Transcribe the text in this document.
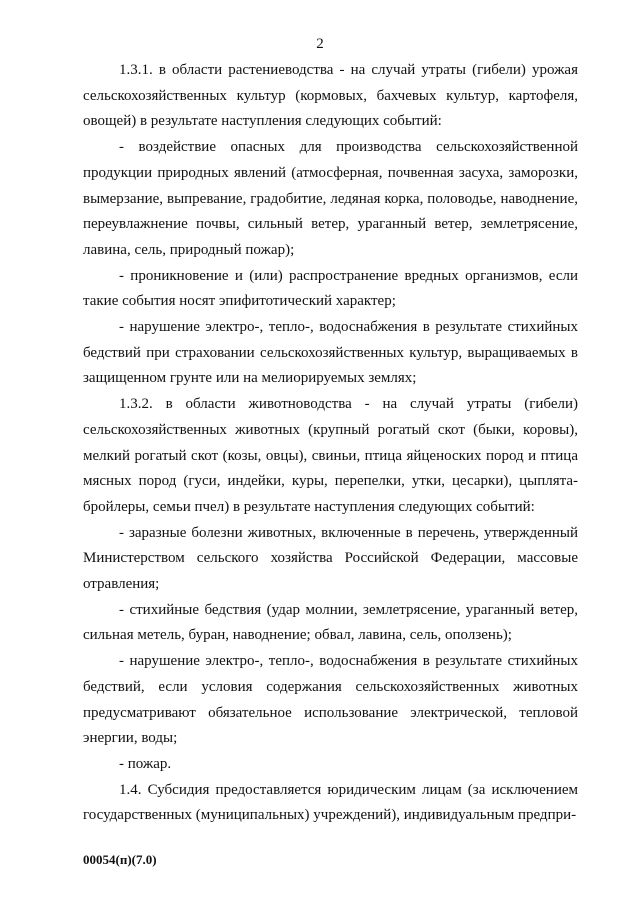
2

1.3.1. в области растениеводства - на случай утраты (гибели) урожая сельскохозяйственных культур (кормовых, бахчевых культур, картофеля, овощей) в результате наступления следующих событий:

- воздействие опасных для производства сельскохозяйственной продукции природных явлений (атмосферная, почвенная засуха, заморозки, вымерзание, выпревание, градобитие, ледяная корка, половодье, наводнение, переувлажнение почвы, сильный ветер, ураганный ветер, землетрясение, лавина, сель, природный пожар);

- проникновение и (или) распространение вредных организмов, если такие события носят эпифитотический характер;

- нарушение электро-, тепло-, водоснабжения в результате стихийных бедствий при страховании сельскохозяйственных культур, выращиваемых в защищенном грунте или на мелиорируемых землях;

1.3.2. в области животноводства - на случай утраты (гибели) сельскохозяйственных животных (крупный рогатый скот (быки, коровы), мелкий рогатый скот (козы, овцы), свиньи, птица яйценоских пород и птица мясных пород (гуси, индейки, куры, перепелки, утки, цесарки), цыплята-бройлеры, семьи пчел) в результате наступления следующих событий:

- заразные болезни животных, включенные в перечень, утвержденный Министерством сельского хозяйства Российской Федерации, массовые отравления;

- стихийные бедствия (удар молнии, землетрясение, ураганный ветер, сильная метель, буран, наводнение; обвал, лавина, сель, оползень);

- нарушение электро-, тепло-, водоснабжения в результате стихийных бедствий, если условия содержания сельскохозяйственных животных предусматривают обязательное использование электрической, тепловой энергии, воды;

- пожар.

1.4. Субсидия предоставляется юридическим лицам (за исключением государственных (муниципальных) учреждений), индивидуальным предпри-

00054(п)(7.0)
